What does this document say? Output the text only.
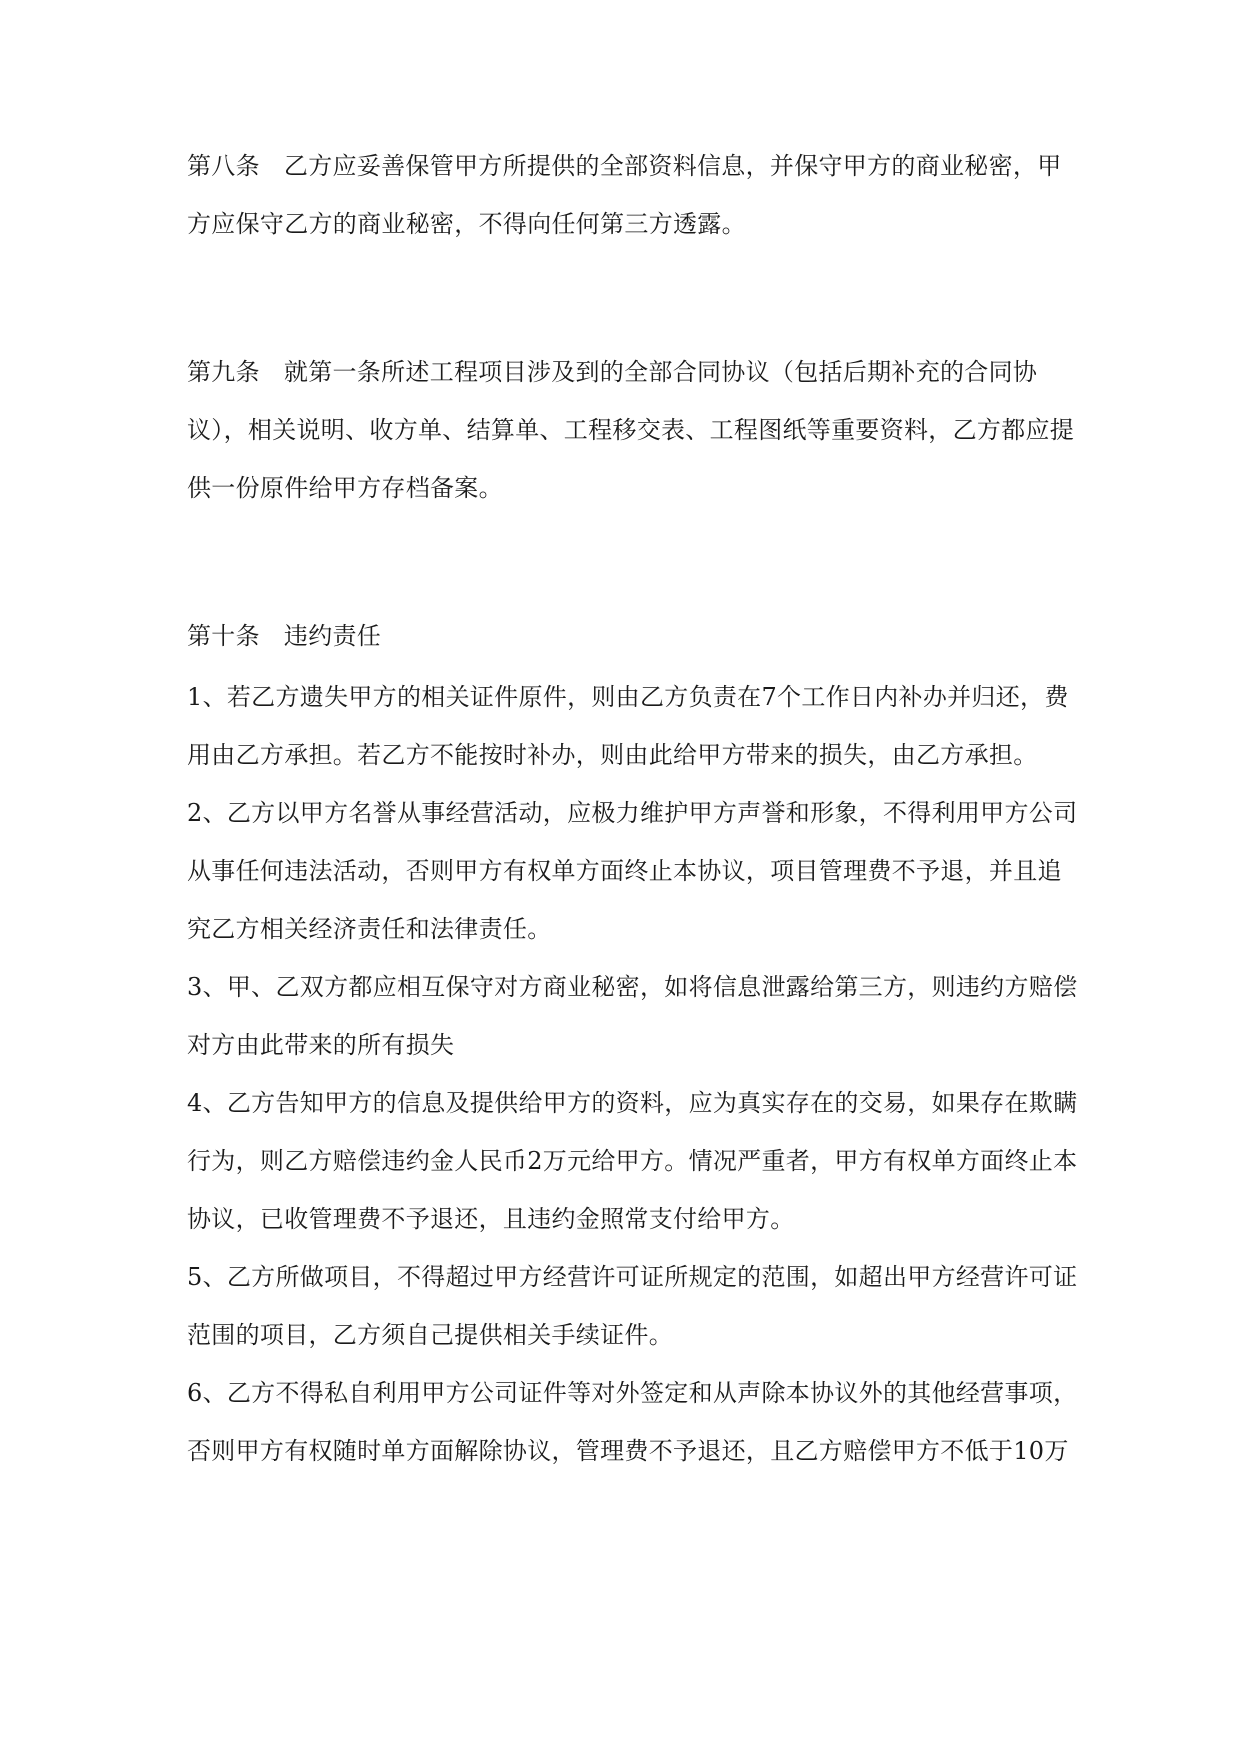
第八条 乙方应妥善保管甲方所提供的全部资料信息，并保守甲方的商业秘密，甲
方应保守乙方的商业秘密，不得向任何第三方透露。
第九条 就第一条所述工程项目涉及到的全部合同协议（包括后期补充的合同协
议），相关说明、收方单、结算单、工程移交表、工程图纸等重要资料，乙方都应提
供一份原件给甲方存档备案。
第十条 违约责任
1、若乙方遗失甲方的相关证件原件，则由乙方负责在7个工作日内补办并归还，费
用由乙方承担。若乙方不能按时补办，则由此给甲方带来的损失，由乙方承担。
2、乙方以甲方名誉从事经营活动，应极力维护甲方声誉和形象，不得利用甲方公司
从事任何违法活动，否则甲方有权单方面终止本协议，项目管理费不予退，并且追
究乙方相关经济责任和法律责任。
3、甲、乙双方都应相互保守对方商业秘密，如将信息泄露给第三方，则违约方赔偿
对方由此带来的所有损失
4、乙方告知甲方的信息及提供给甲方的资料，应为真实存在的交易，如果存在欺瞒
行为，则乙方赔偿违约金人民币2万元给甲方。情况严重者，甲方有权单方面终止本
协议，已收管理费不予退还，且违约金照常支付给甲方。
5、乙方所做项目，不得超过甲方经营许可证所规定的范围，如超出甲方经营许可证
范围的项目，乙方须自己提供相关手续证件。
6、乙方不得私自利用甲方公司证件等对外签定和从声除本协议外的其他经营事项，
否则甲方有权随时单方面解除协议，管理费不予退还，且乙方赔偿甲方不低于10万
